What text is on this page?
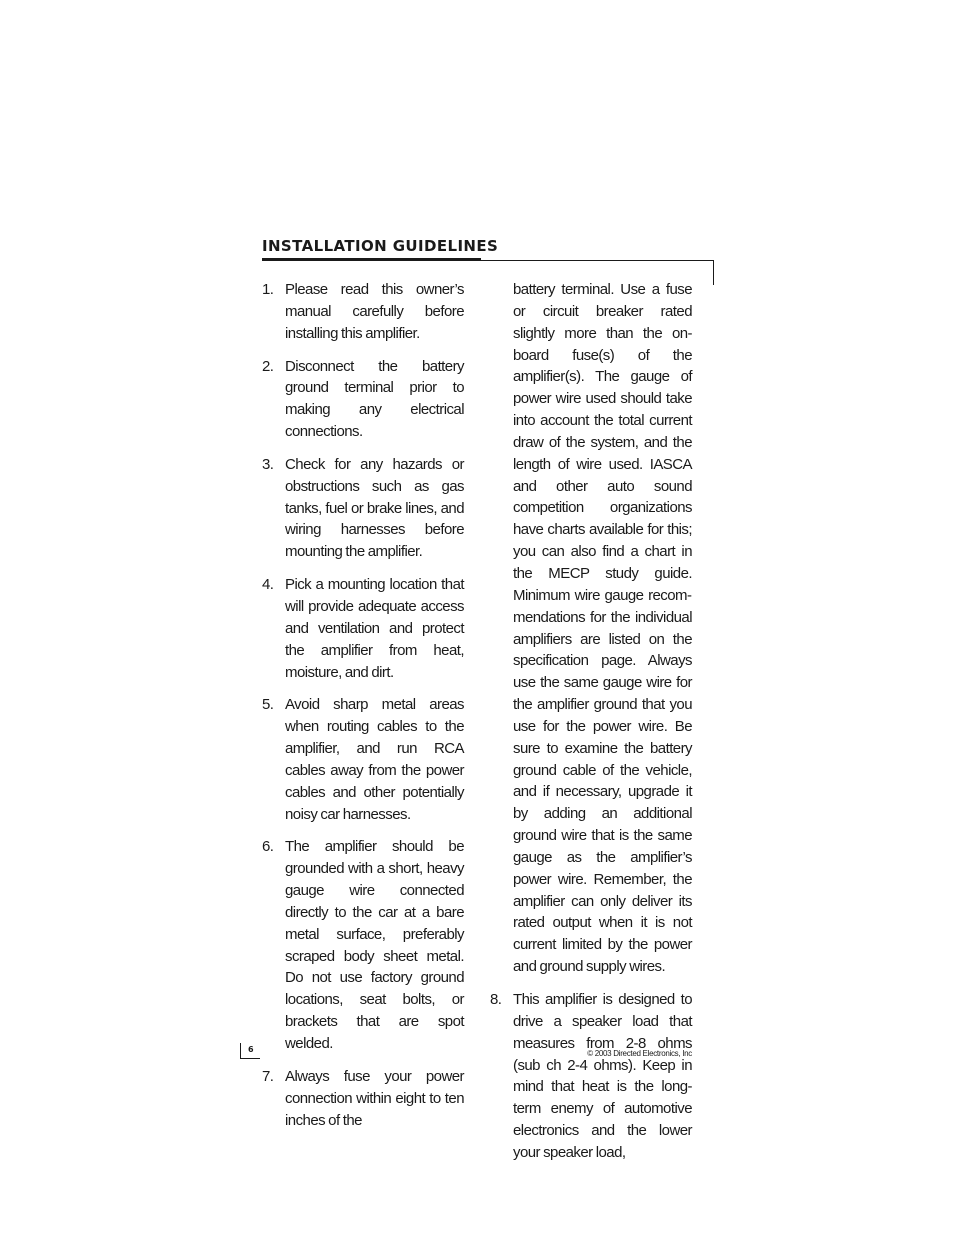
INSTALLATION GUIDELINES
1. Please read this owner’s manual carefully before installing this amplifier.
2. Disconnect the battery ground terminal prior to making any electrical connections.
3. Check for any hazards or obstructions such as gas tanks, fuel or brake lines, and wiring harnesses before mounting the amplifier.
4. Pick a mounting location that will provide adequate access and ventilation and protect the amplifier from heat, moisture, and dirt.
5. Avoid sharp metal areas when routing cables to the amplifier, and run RCA cables away from the power cables and other potentially noisy car harnesses.
6. The amplifier should be grounded with a short, heavy gauge wire connected directly to the car at a bare metal surface, preferably scraped body sheet metal. Do not use factory ground locations, seat bolts, or brackets that are spot welded.
7. Always fuse your power connection within eight to ten inches of the
battery terminal. Use a fuse or circuit breaker rated slightly more than the on-board fuse(s) of the amplifier(s). The gauge of power wire used should take into account the total current draw of the system, and the length of wire used. IASCA and other auto sound competition organizations have charts available for this; you can also find a chart in the MECP study guide. Minimum wire gauge recommendations for the individual amplifiers are listed on the specification page. Always use the same gauge wire for the amplifier ground that you use for the power wire. Be sure to examine the battery ground cable of the vehicle, and if necessary, upgrade it by adding an additional ground wire that is the same gauge as the amplifier’s power wire. Remember, the amplifier can only deliver its rated output when it is not current limited by the power and ground supply wires.
8. This amplifier is designed to drive a speaker load that measures from 2-8 ohms (sub ch 2-4 ohms). Keep in mind that heat is the long-term enemy of automotive electronics and the lower your speaker load,
6	© 2003 Directed Electronics, Inc
